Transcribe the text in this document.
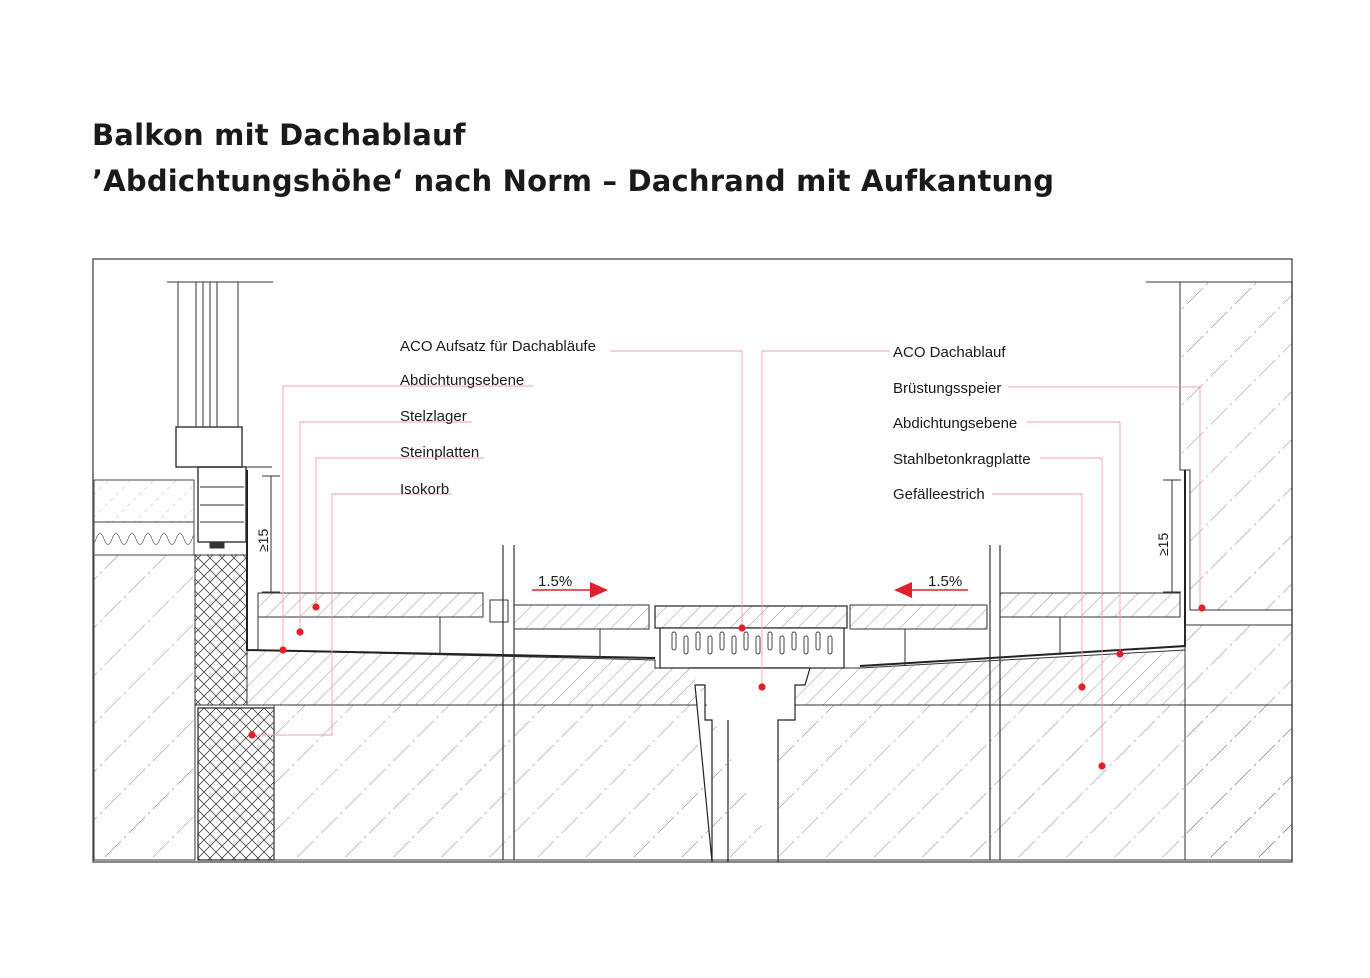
Balkon mit Dachablauf
’Abdichtungshöhe‘ nach Norm – Dachrand mit Aufkantung
≥15	≥15
1.5%	1.5%
ACO Aufsatz für Dachabläufe
Abdichtungsebene
Stelzlager
Steinplatten
Isokorb
ACO Dachablauf
Brüstungsspeier
Abdichtungsebene
Stahlbetonkragplatte
Gefälleestrich
